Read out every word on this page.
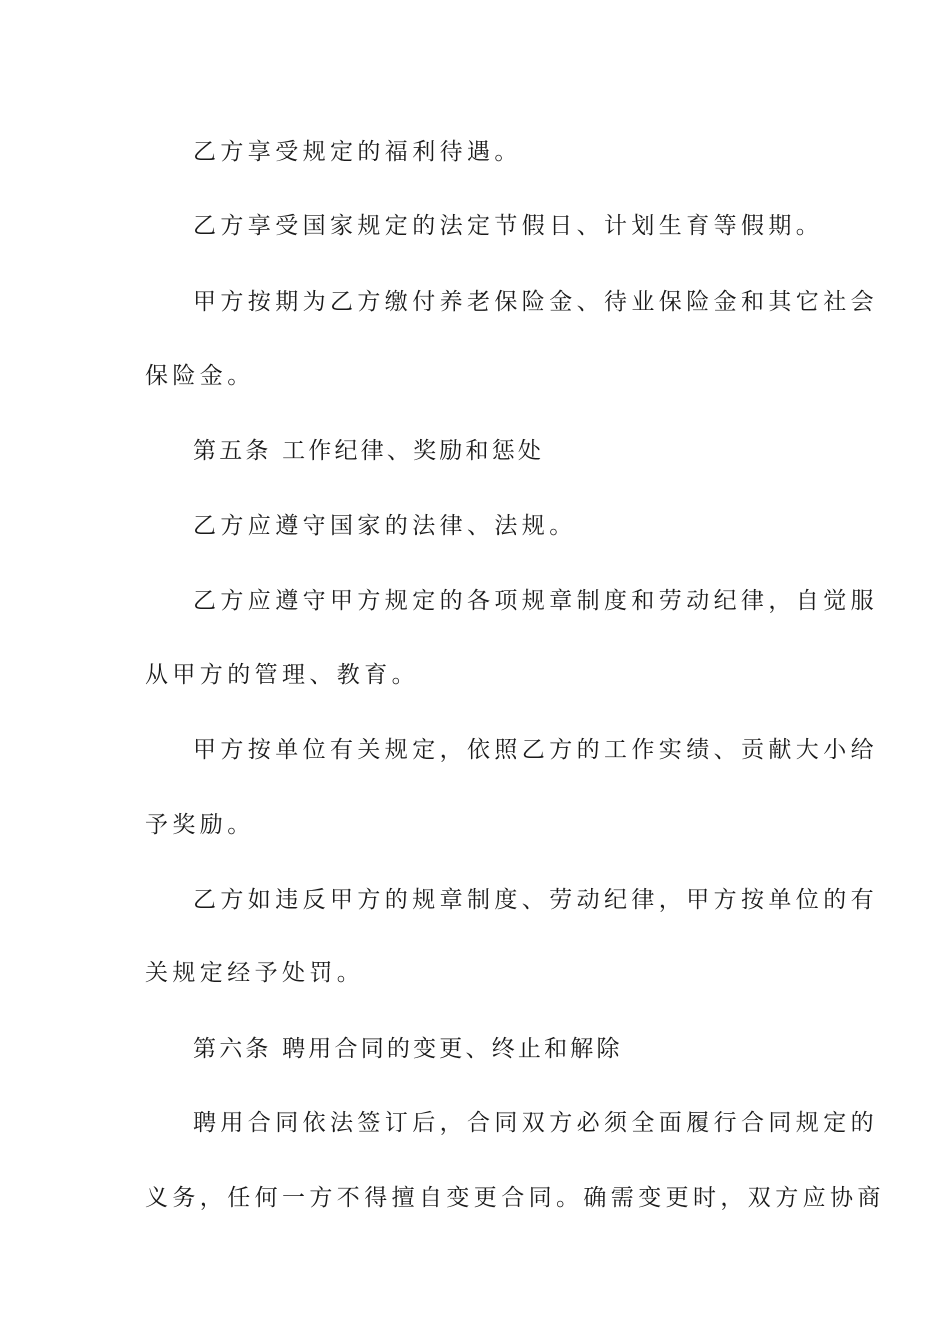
乙方享受规定的福利待遇。
乙方享受国家规定的法定节假日、计划生育等假期。
甲方按期为乙方缴付养老保险金、待业保险金和其它社会
保险金。
第五条 工作纪律、奖励和惩处
乙方应遵守国家的法律、法规。
乙方应遵守甲方规定的各项规章制度和劳动纪律，自觉服
从甲方的管理、教育。
甲方按单位有关规定，依照乙方的工作实绩、贡献大小给
予奖励。
乙方如违反甲方的规章制度、劳动纪律，甲方按单位的有
关规定经予处罚。
第六条 聘用合同的变更、终止和解除
聘用合同依法签订后，合同双方必须全面履行合同规定的
义务，任何一方不得擅自变更合同。确需变更时，双方应协商
